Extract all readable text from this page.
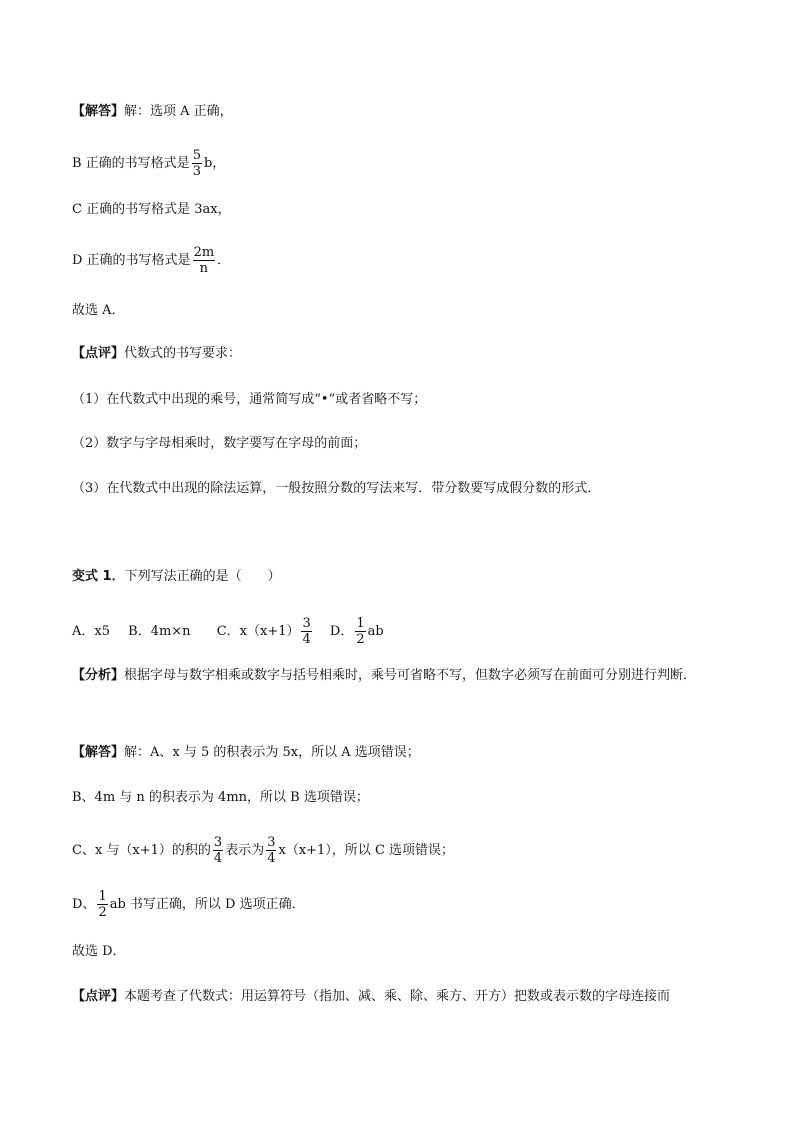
【解答】解：选项 A 正确，
B 正确的书写格式是 $\frac{5}{3}$ b，
C 正确的书写格式是 3ax，
D 正确的书写格式是 $\frac{2m}{n}$ ．
故选 A．
【点评】代数式的书写要求：
（1）在代数式中出现的乘号，通常简写成“•”或者省略不写；
（2）数字与字母相乘时，数字要写在字母的前面；
（3）在代数式中出现的除法运算，一般按照分数的写法来写．带分数要写成假分数的形式．
变式 1．下列写法正确的是（　　）
A．x5 B．4m×n C．$x(x+1) \frac{3}{4}$ D． $\frac{1}{2}$ ab
【分析】根据字母与数字相乘或数字与括号相乘时，乘号可省略不写，但数字必须写在前面可分别进行判断．
【解答】解：A、x 与 5 的积表示为 5x，所以 A 选项错误；
B、4m 与 n 的积表示为 4mn，所以 B 选项错误；
C、x 与（x+1）的积的 $\frac{3}{4}$ 表示为 $\frac{3}{4} x(x+1)$，所以 C 选项错误；
D、 $\frac{1}{2}$ ab 书写正确，所以 D 选项正确．
故选 D．
【点评】本题考查了代数式：用运算符号（指加、减、乘、除、乘方、开方）把数或表示数的字母连接而
